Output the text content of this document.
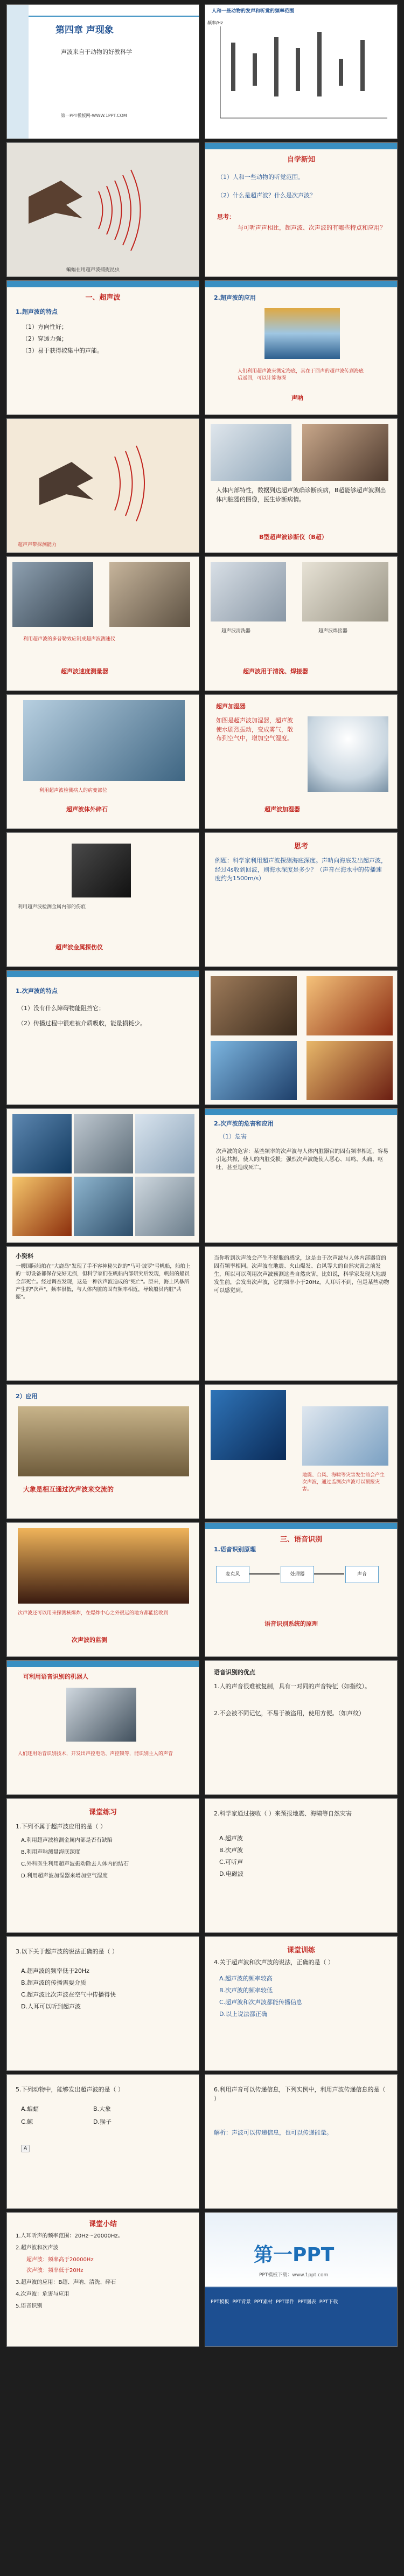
第四章 声现象
声波来自于动物的好教科学
第一PPT模板网-WWW.1PPT.COM
人和一些动物的发声和听觉的频率范围
频率/Hz
蝙蝠在用超声波捕捉昆虫
自学新知
（1）人和一些动物的听觉范围。
（2）什么是超声波？什么是次声波？
思考：
与可听声声相比，超声波、次声波的有哪些特点和应用？
一、超声波
1.超声波的特点
（1）方向性好；
（2）穿透力强；
（3）易于获得较集中的声能。
2.超声波的应用
人们利用超声波来测定海底，其在于回声的超声波传到海底后返回，可以计算海深
声呐
超声声带探测能力
人体内部特性，数据到达超声波确诊断疾病，B超能够超声波测出体内脏器的图像，医生诊断病情。
B型超声波诊断仪（B超）
利用超声波的多普勒效应制成超声波测速仪
超声波速度测量器
超声波清洗器	超声波焊接器
超声波用于清洗、焊接器
利用超声波检测病人的病变部位
超声波体外碎石
超声加湿器
如图是超声波加湿器，超声波使水剧烈振动，变成雾气，散布到空气中，增加空气湿度。
超声波加湿器
利用超声波检测金属内部的伤痕
超声波金属探伤仪
思考
例题：科学家利用超声波探测海底深度。声呐向海底发出超声波，经过4s收到回波，则海水深度是多少？（声音在海水中的传播速度约为1500m/s）
1.次声波的特点
（1）没有什么障碍物能阻挡它；
（2）传播过程中很难被介质吸收，能量损耗少。
2.次声波的危害和应用
（1）危害
次声波的危害：某些频率的次声波与人体内脏器官的固有频率相近，容易引起共振，使人的内脏受损；强烈次声波能使人恶心、耳鸣、头痛、呕吐，甚至造成死亡。
小资料
一艘国际船舶在"大鹿岛"发现了手不容神秘失踪的"马可·波罗"号帆船，船舶上的一切设备都保存完好无损，但科学家们在帆船内部研究后发现，帆船的船员全部死亡。经过调查发现，这是一种次声波造成的"死亡"。原来，海上风暴所产生的"次声"，频率很低，与人体内脏的固有频率相近，导致船员内脏"共振"。
当你听到次声波会产生不舒服的感觉，这是由于次声波与人体内部器官的固有频率相同。次声波在地震、火山爆发、台风等大的自然灾害之前发生，所以可以利用次声波预测这些自然灾害。比如说，科学家发现大地震发生前，会发出次声波，它的频率小于20Hz，人耳听不到，但是某些动物可以感觉到。
2）应用
大象是相互通过次声波来交流的
地震、台风、海啸等灾害发生前会产生次声波，通过监测次声波可以预报灾害。
次声波还可以用来探测核爆炸，在爆炸中心之外很远的地方都能接收到
次声波的监测
三、语音识别
1.语音识别原理
麦克风	处理器	声音
语音识别系统的原理
可利用语音识别的机器人
人们还用语音识别技术，开发出声控电话、声控锁等，能识别主人的声音
语音识别的优点
1.人的声音很难被复制，具有一对同的声音特征（如指纹）。
2.不会被不同记忆，不易于被盗用，使用方便。（如声纹）
课堂练习
1.下列不属于超声波应用的是（ ）
A.利用超声波检测金属内部是否有缺陷
B.利用声呐测量海底深度
C.外科医生利用超声波振动除去人体内的结石
D.利用超声波加湿器来增加空气湿度
2.科学家通过接收（ ）来预报地震、海啸等自然灾害
A.超声波
B.次声波
C.可听声
D.电磁波
3.以下关于超声波的说法正确的是（ ）
A.超声波的频率低于20Hz
B.超声波的传播需要介质
C.超声波比次声波在空气中传播得快
D.人耳可以听到超声波
课堂训练
4.关于超声波和次声波的说法，正确的是（ ）
A.超声波的频率较高
B.次声波的频率较低
C.超声波和次声波都能传播信息
D.以上说法都正确
5.下列动物中，能够发出超声波的是（ ）
A.蝙蝠	B.大象
C.鲸	D.猴子
A
6.利用声音可以传递信息，下列实例中，利用声波传递信息的是（ ）
解析：声波可以传递信息，也可以传递能量。
课堂小结
1.人耳听声的频率范围：20Hz～20000Hz。
2.超声波和次声波
超声波：频率高于20000Hz
次声波：频率低于20Hz
3.超声波的应用：B超、声呐、清洗、碎石
4.次声波：危害与应用
5.语音识别
第一PPT
PPT模板下载：www.1ppt.com
PPT模板 PPT背景 PPT素材 PPT课件 PPT图表 PPT下载
